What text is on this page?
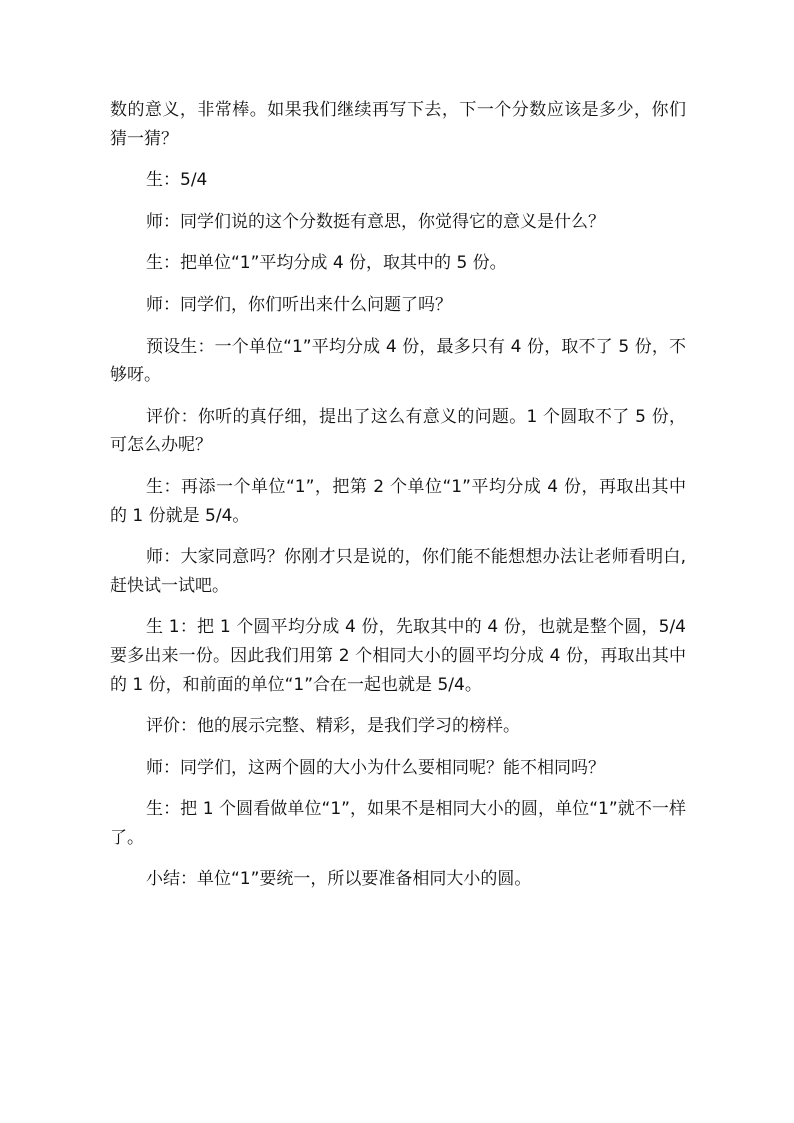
数的意义，非常棒。如果我们继续再写下去，下一个分数应该是多少，你们猜一猜？

生：5/4

师：同学们说的这个分数挺有意思，你觉得它的意义是什么？

生：把单位“1”平均分成 4 份，取其中的 5 份。

师：同学们，你们听出来什么问题了吗？

预设生：一个单位“1”平均分成 4 份，最多只有 4 份，取不了 5 份，不够呀。

评价：你听的真仔细，提出了这么有意义的问题。1 个圆取不了 5 份，可怎么办呢？

生：再添一个单位“1”，把第 2 个单位“1”平均分成 4 份，再取出其中的 1 份就是 5/4。

师：大家同意吗？你刚才只是说的，你们能不能想想办法让老师看明白,赶快试一试吧。

生 1：把 1 个圆平均分成 4 份，先取其中的 4 份，也就是整个圆，5/4 要多出来一份。因此我们用第 2 个相同大小的圆平均分成 4 份，再取出其中的 1 份，和前面的单位“1”合在一起也就是 5/4。

评价：他的展示完整、精彩，是我们学习的榜样。

师：同学们，这两个圆的大小为什么要相同呢？能不相同吗？

生：把 1 个圆看做单位“1”，如果不是相同大小的圆，单位“1”就不一样了。

小结：单位“1”要统一，所以要准备相同大小的圆。
